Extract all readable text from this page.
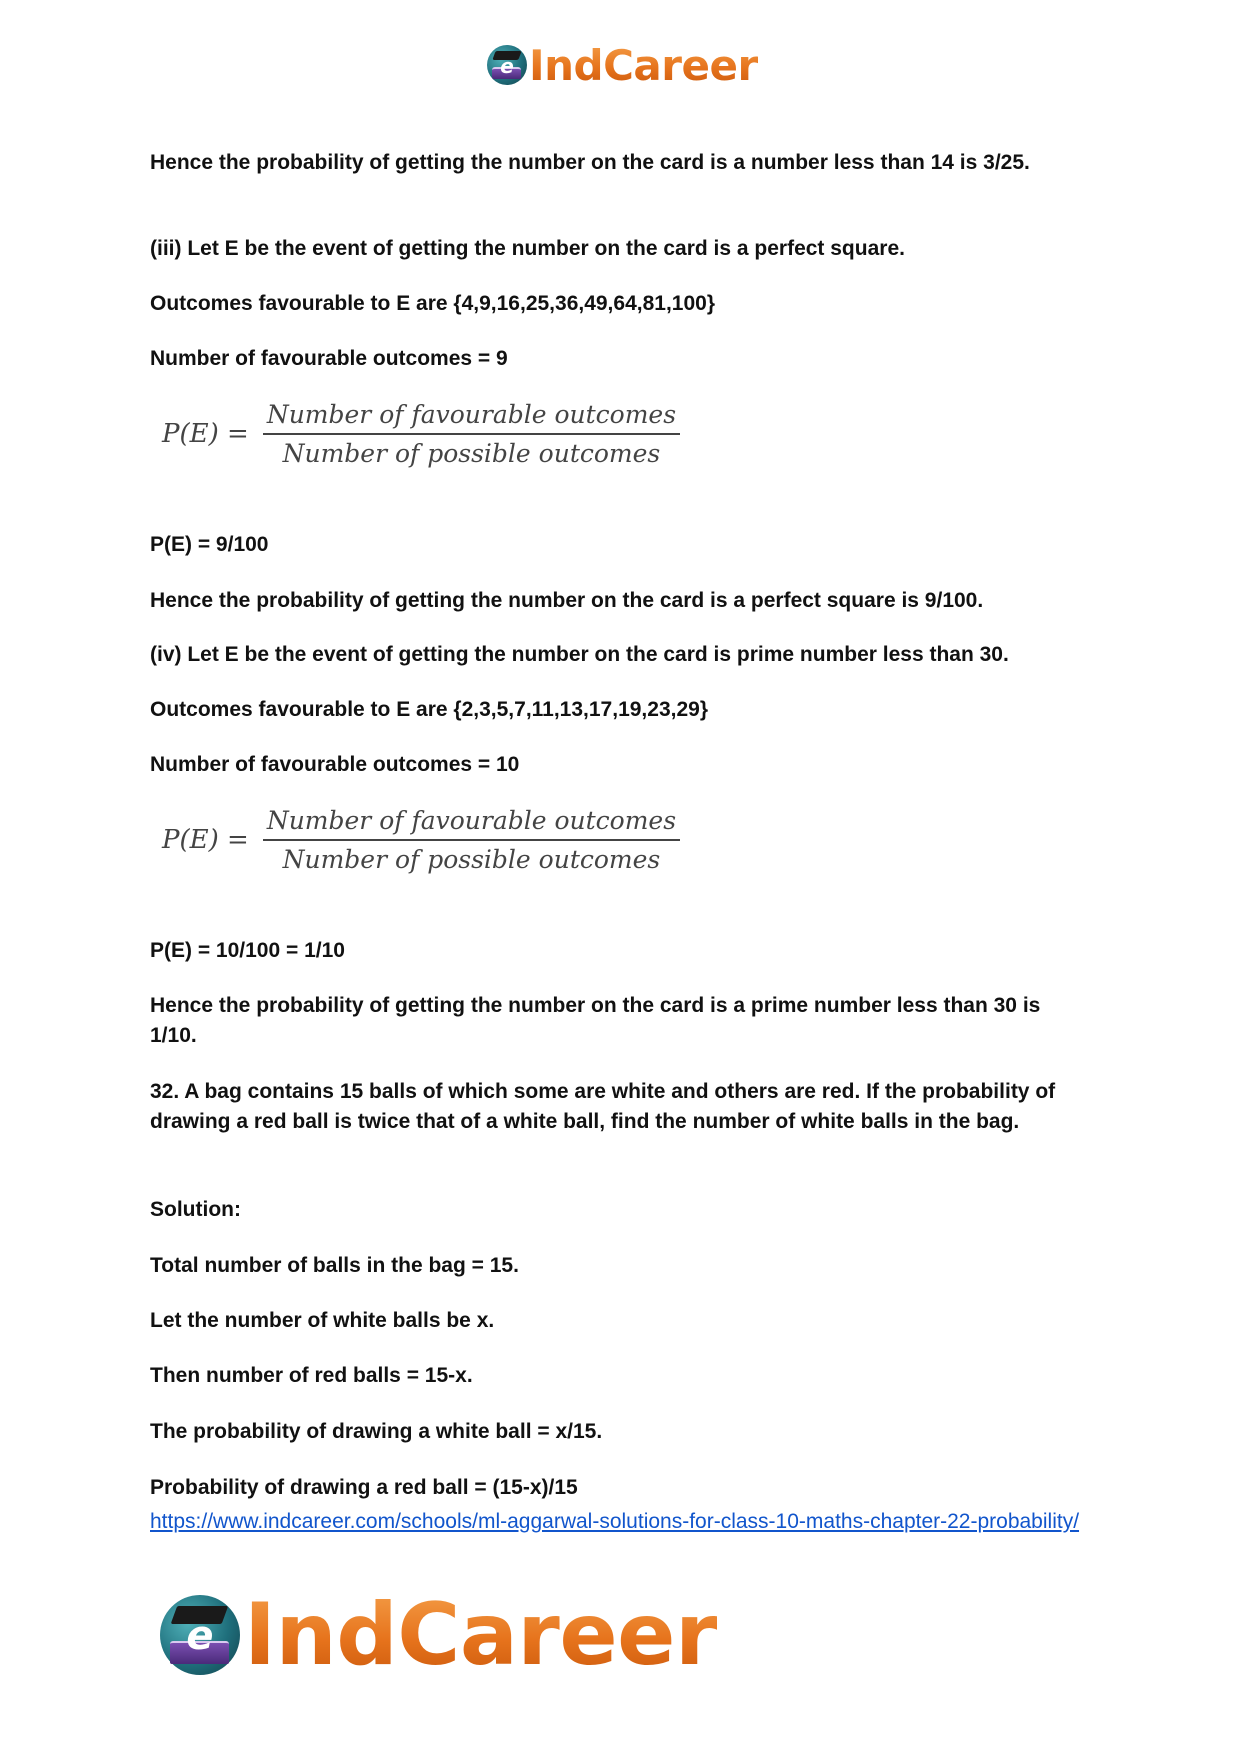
e IndCareer

Hence the probability of getting the number on the card is a number less than 14 is 3/25.

(iii) Let E be the event of getting the number on the card is a perfect square.

Outcomes favourable to E are {4,9,16,25,36,49,64,81,100}

Number of favourable outcomes = 9

$P(E) = \frac{\text{Number of favourable outcomes}}{\text{Number of possible outcomes}}$

P(E) = 9/100

Hence the probability of getting the number on the card is a perfect square is 9/100.

(iv) Let E be the event of getting the number on the card is prime number less than 30.

Outcomes favourable to E are {2,3,5,7,11,13,17,19,23,29}

Number of favourable outcomes = 10

$P(E) = \frac{\text{Number of favourable outcomes}}{\text{Number of possible outcomes}}$

P(E) = 10/100 = 1/10

Hence the probability of getting the number on the card is a prime number less than 30 is 1/10.

32. A bag contains 15 balls of which some are white and others are red. If the probability of drawing a red ball is twice that of a white ball, find the number of white balls in the bag.

Solution:

Total number of balls in the bag = 15.

Let the number of white balls be x.

Then number of red balls = 15-x.

The probability of drawing a white ball = x/15.

Probability of drawing a red ball = (15-x)/15

https://www.indcareer.com/schools/ml-aggarwal-solutions-for-class-10-maths-chapter-22-probability/
e IndCareer
